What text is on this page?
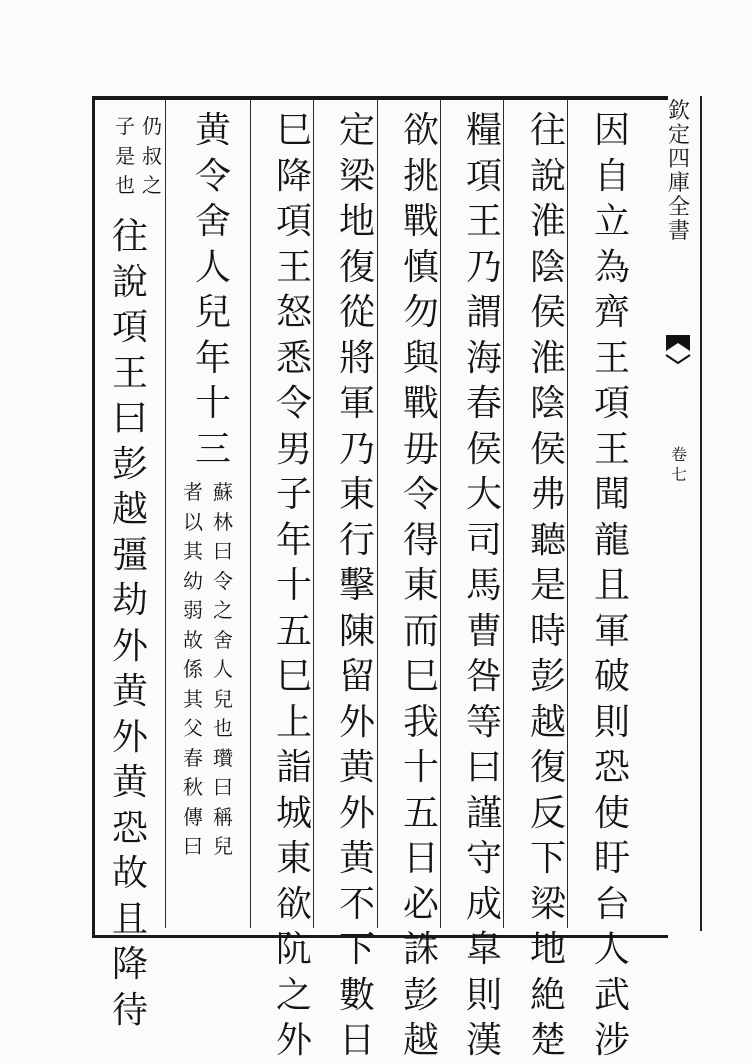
欽
定
四
庫
全
書
卷
七
因
自
立
為
齊
王
項
王
聞
龍
且
軍
破
則
恐
使
盱
台
人
武
涉
往
說
淮
陰
侯
淮
陰
侯
弗
聽
是
時
彭
越
復
反
下
梁
地
絶
楚
糧
項
王
乃
謂
海
春
侯
大
司
馬
曹
咎
等
曰
謹
守
成
皐
則
漢
欲
挑
戰
慎
勿
與
戰
毋
令
得
東
而
巳
我
十
五
日
必
誅
彭
越
定
梁
地
復
從
將
軍
乃
東
行
擊
陳
留
外
黄
外
黄
不
下
數
日
巳
降
項
王
怒
悉
令
男
子
年
十
五
巳
上
詣
城
東
欲
阬
之
外
黄
令
舍
人
兒
年
十
三
蘇
林
曰
令
之
舍
人
兒
也
瓚
曰
稱
兒
者
以
其
幼
弱
故
係
其
父
春
秋
傳
曰
仍
叔
之
子
是
也
往
說
項
王
曰
彭
越
彊
劫
外
黄
外
黄
恐
故
且
降
待
